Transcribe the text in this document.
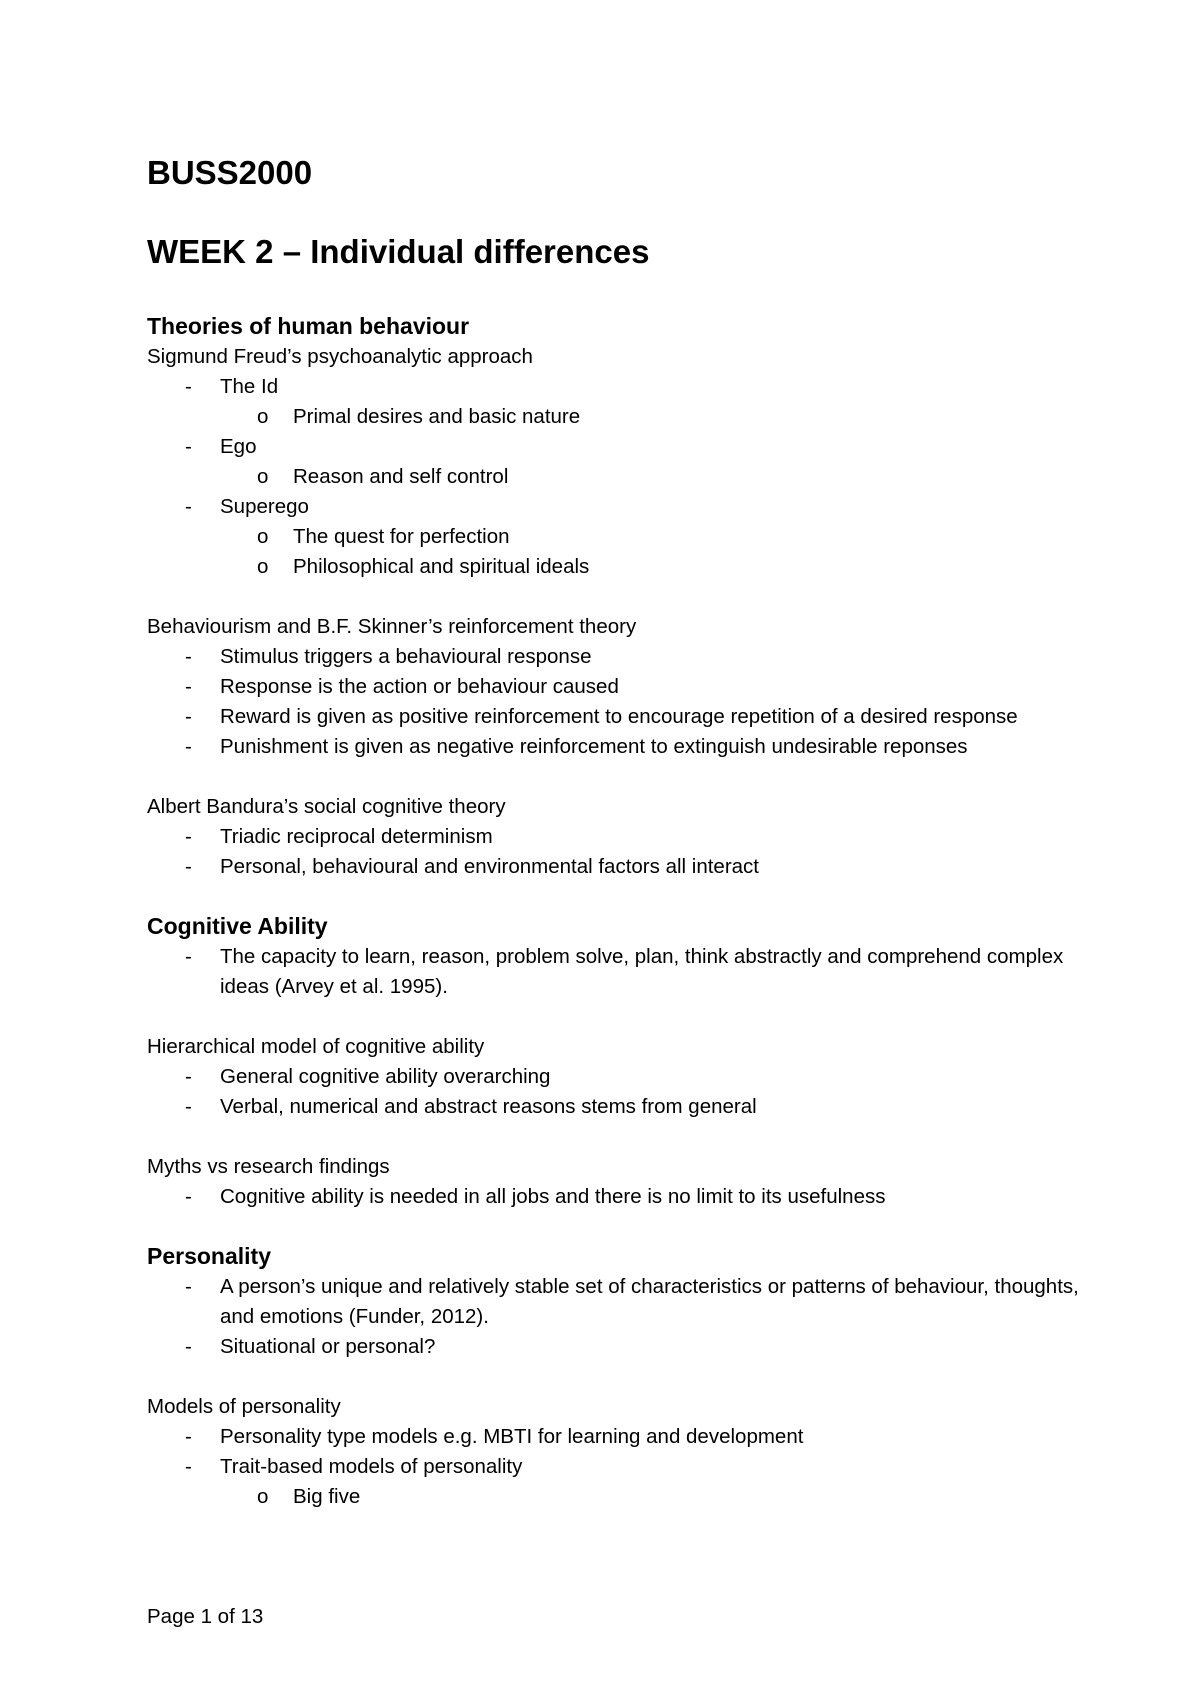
BUSS2000
WEEK 2 – Individual differences
Theories of human behaviour
Sigmund Freud’s psychoanalytic approach
- The Id
o Primal desires and basic nature
- Ego
o Reason and self control
- Superego
o The quest for perfection
o Philosophical and spiritual ideals
Behaviourism and B.F. Skinner’s reinforcement theory
- Stimulus triggers a behavioural response
- Response is the action or behaviour caused
- Reward is given as positive reinforcement to encourage repetition of a desired response
- Punishment is given as negative reinforcement to extinguish undesirable reponses
Albert Bandura’s social cognitive theory
- Triadic reciprocal determinism
- Personal, behavioural and environmental factors all interact
Cognitive Ability
- The capacity to learn, reason, problem solve, plan, think abstractly and comprehend complex ideas (Arvey et al. 1995).
Hierarchical model of cognitive ability
- General cognitive ability overarching
- Verbal, numerical and abstract reasons stems from general
Myths vs research findings
- Cognitive ability is needed in all jobs and there is no limit to its usefulness
Personality
- A person’s unique and relatively stable set of characteristics or patterns of behaviour, thoughts, and emotions (Funder, 2012).
- Situational or personal?
Models of personality
- Personality type models e.g. MBTI for learning and development
- Trait-based models of personality
o Big five
Page 1 of 13
